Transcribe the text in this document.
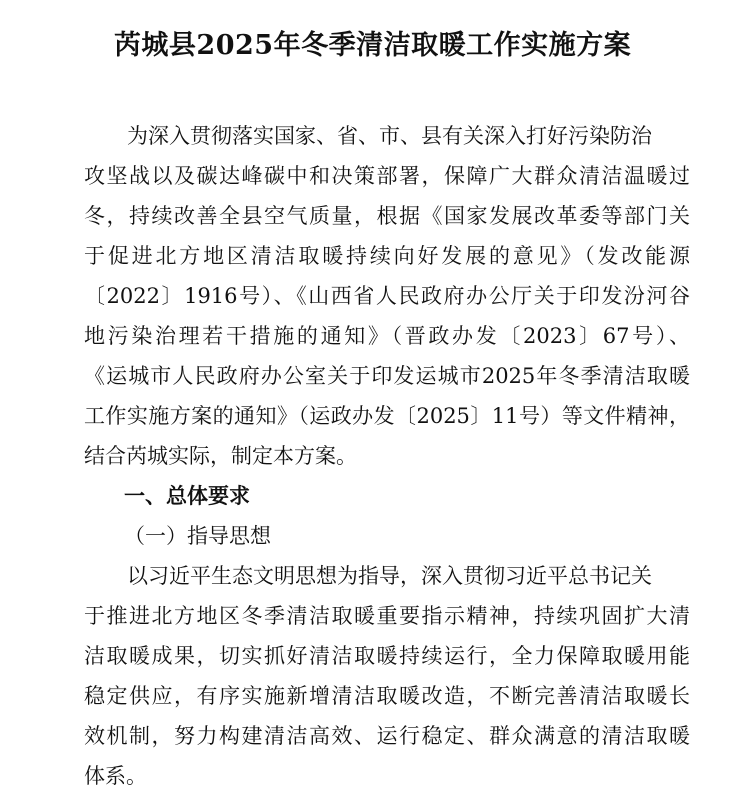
芮城县2025年冬季清洁取暖工作实施方案
为深入贯彻落实国家、省、市、县有关深入打好污染防治
攻坚战以及碳达峰碳中和决策部署，保障广大群众清洁温暖过
冬，持续改善全县空气质量，根据《国家发展改革委等部门关
于促进北方地区清洁取暖持续向好发展的意见》（发改能源
〔2022〕1916号）、《山西省人民政府办公厅关于印发汾河谷
地污染治理若干措施的通知》（晋政办发〔2023〕67号）、
《运城市人民政府办公室关于印发运城市2025年冬季清洁取暖
工作实施方案的通知》（运政办发〔2025〕11号）等文件精神，
结合芮城实际，制定本方案。
一、总体要求
（一）指导思想
以习近平生态文明思想为指导，深入贯彻习近平总书记关
于推进北方地区冬季清洁取暖重要指示精神，持续巩固扩大清
洁取暖成果，切实抓好清洁取暖持续运行，全力保障取暖用能
稳定供应，有序实施新增清洁取暖改造，不断完善清洁取暖长
效机制，努力构建清洁高效、运行稳定、群众满意的清洁取暖
体系。
